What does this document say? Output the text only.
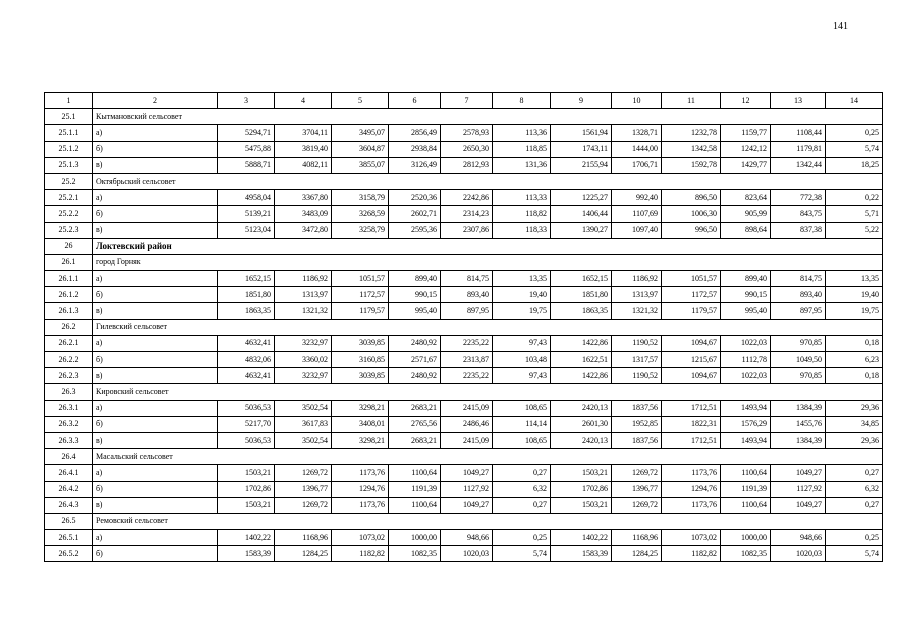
141
1	2	3	4	5	6	7	8	9	10	11	12	13	14
25.1	Кытмановский сельсовет												
25.1.1	а)	5294,71	3704,11	3495,07	2856,49	2578,93	113,36	1561,94	1328,71	1232,78	1159,77	1108,44	0,25
25.1.2	б)	5475,88	3819,40	3604,87	2938,84	2650,30	118,85	1743,11	1444,00	1342,58	1242,12	1179,81	5,74
25.1.3	в)	5888,71	4082,11	3855,07	3126,49	2812,93	131,36	2155,94	1706,71	1592,78	1429,77	1342,44	18,25
25.2	Октябрьский сельсовет												
25.2.1	а)	4958,04	3367,80	3158,79	2520,36	2242,86	113,33	1225,27	992,40	896,50	823,64	772,38	0,22
25.2.2	б)	5139,21	3483,09	3268,59	2602,71	2314,23	118,82	1406,44	1107,69	1006,30	905,99	843,75	5,71
25.2.3	в)	5123,04	3472,80	3258,79	2595,36	2307,86	118,33	1390,27	1097,40	996,50	898,64	837,38	5,22
26	Локтевский район												
26.1	город Горняк												
26.1.1	а)	1652,15	1186,92	1051,57	899,40	814,75	13,35	1652,15	1186,92	1051,57	899,40	814,75	13,35
26.1.2	б)	1851,80	1313,97	1172,57	990,15	893,40	19,40	1851,80	1313,97	1172,57	990,15	893,40	19,40
26.1.3	в)	1863,35	1321,32	1179,57	995,40	897,95	19,75	1863,35	1321,32	1179,57	995,40	897,95	19,75
26.2	Гилевский сельсовет												
26.2.1	а)	4632,41	3232,97	3039,85	2480,92	2235,22	97,43	1422,86	1190,52	1094,67	1022,03	970,85	0,18
26.2.2	б)	4832,06	3360,02	3160,85	2571,67	2313,87	103,48	1622,51	1317,57	1215,67	1112,78	1049,50	6,23
26.2.3	в)	4632,41	3232,97	3039,85	2480,92	2235,22	97,43	1422,86	1190,52	1094,67	1022,03	970,85	0,18
26.3	Кировский сельсовет												
26.3.1	а)	5036,53	3502,54	3298,21	2683,21	2415,09	108,65	2420,13	1837,56	1712,51	1493,94	1384,39	29,36
26.3.2	б)	5217,70	3617,83	3408,01	2765,56	2486,46	114,14	2601,30	1952,85	1822,31	1576,29	1455,76	34,85
26.3.3	в)	5036,53	3502,54	3298,21	2683,21	2415,09	108,65	2420,13	1837,56	1712,51	1493,94	1384,39	29,36
26.4	Масальский сельсовет												
26.4.1	а)	1503,21	1269,72	1173,76	1100,64	1049,27	0,27	1503,21	1269,72	1173,76	1100,64	1049,27	0,27
26.4.2	б)	1702,86	1396,77	1294,76	1191,39	1127,92	6,32	1702,86	1396,77	1294,76	1191,39	1127,92	6,32
26.4.3	в)	1503,21	1269,72	1173,76	1100,64	1049,27	0,27	1503,21	1269,72	1173,76	1100,64	1049,27	0,27
26.5	Ремовский сельсовет												
26.5.1	а)	1402,22	1168,96	1073,02	1000,00	948,66	0,25	1402,22	1168,96	1073,02	1000,00	948,66	0,25
26.5.2	б)	1583,39	1284,25	1182,82	1082,35	1020,03	5,74	1583,39	1284,25	1182,82	1082,35	1020,03	5,74
